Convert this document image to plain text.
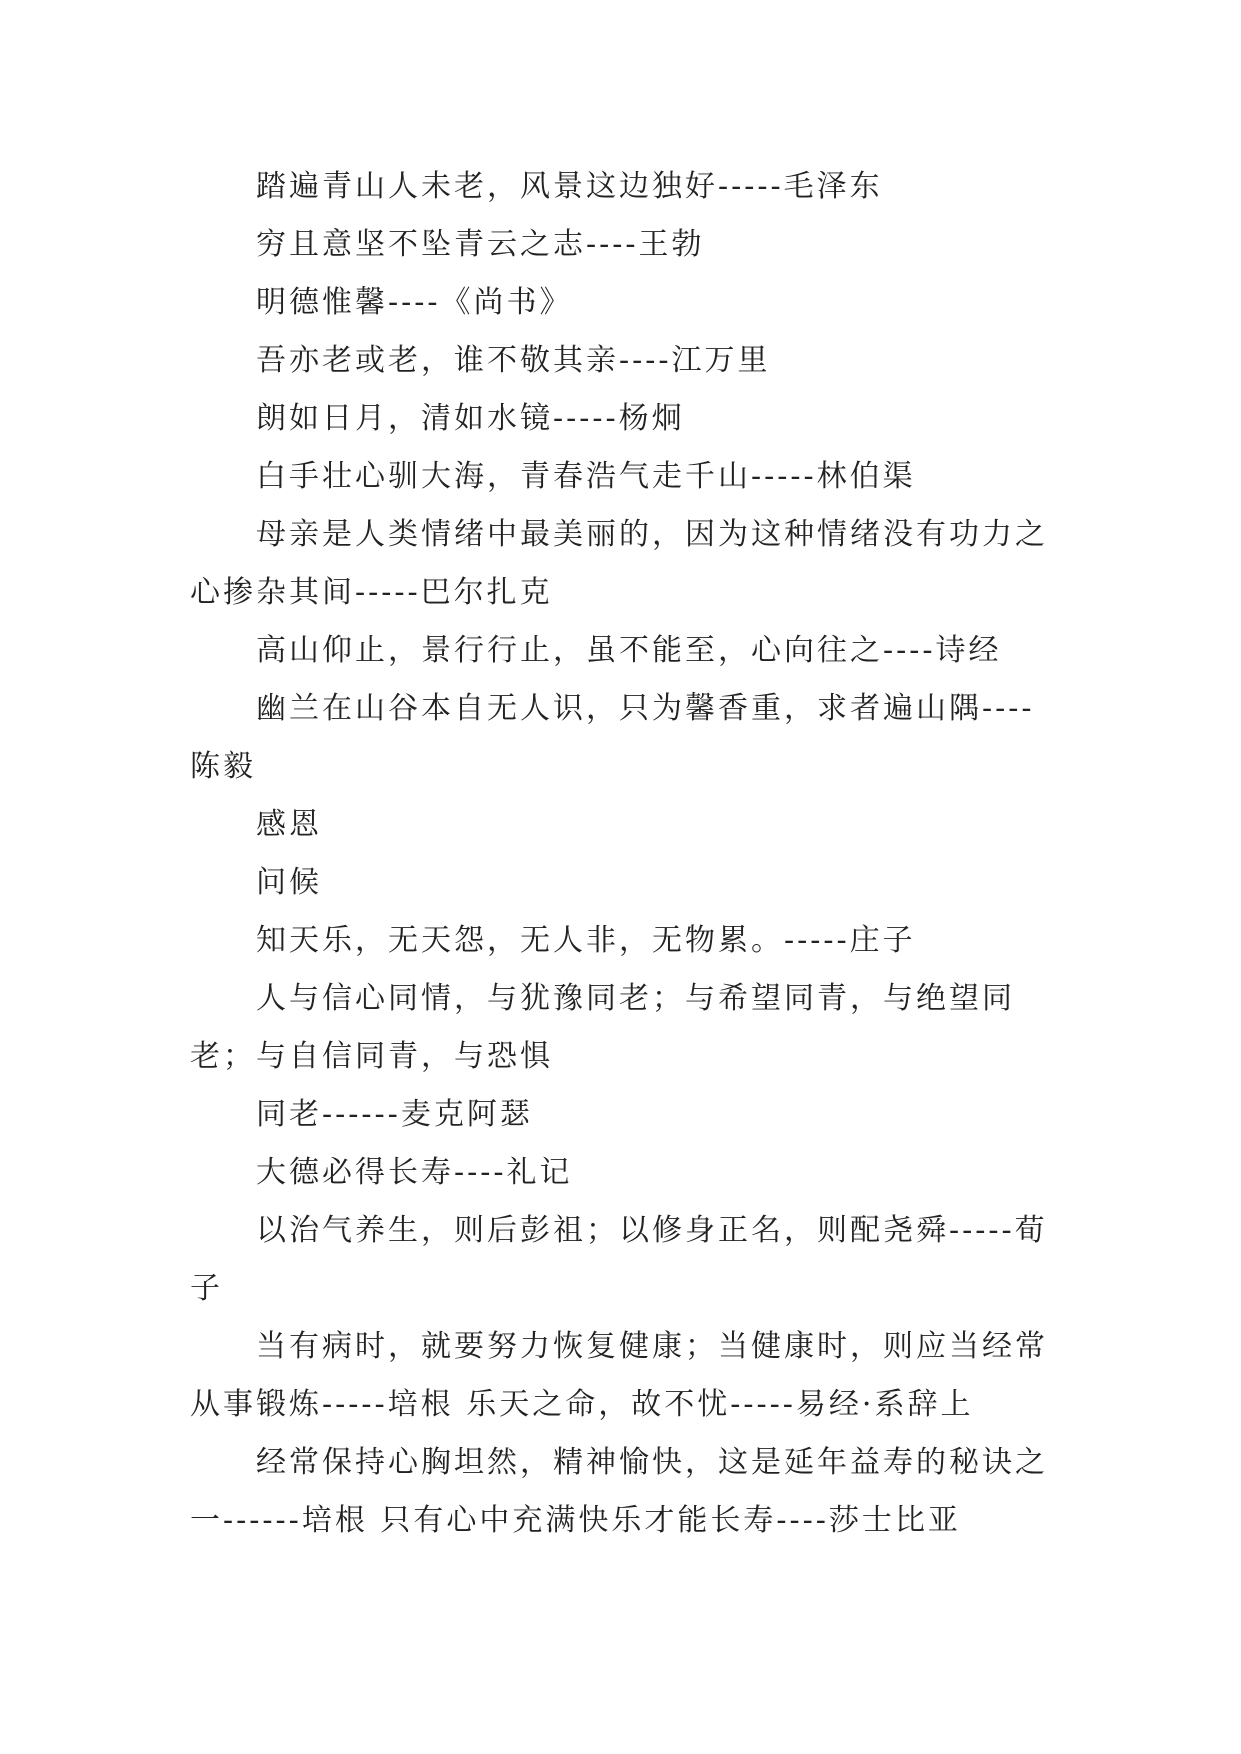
踏遍青山人未老，风景这边独好-----毛泽东

穷且意坚不坠青云之志----王勃

明德惟馨----《尚书》

吾亦老或老，谁不敬其亲----江万里

朗如日月，清如水镜-----杨炯

白手壮心驯大海，青春浩气走千山-----林伯渠

母亲是人类情绪中最美丽的，因为这种情绪没有功力之心掺杂其间-----巴尔扎克

高山仰止，景行行止，虽不能至，心向往之----诗经

幽兰在山谷本自无人识，只为馨香重，求者遍山隅----陈毅

感恩

问候

知天乐，无天怨，无人非，无物累。-----庄子

人与信心同情，与犹豫同老；与希望同青，与绝望同老；与自信同青，与恐惧

同老------麦克阿瑟

大德必得长寿----礼记

以治气养生，则后彭祖；以修身正名，则配尧舜-----荀子

当有病时，就要努力恢复健康；当健康时，则应当经常从事锻炼-----培根 乐天之命，故不忧-----易经·系辞上

经常保持心胸坦然，精神愉快，这是延年益寿的秘诀之一------培根 只有心中充满快乐才能长寿----莎士比亚
